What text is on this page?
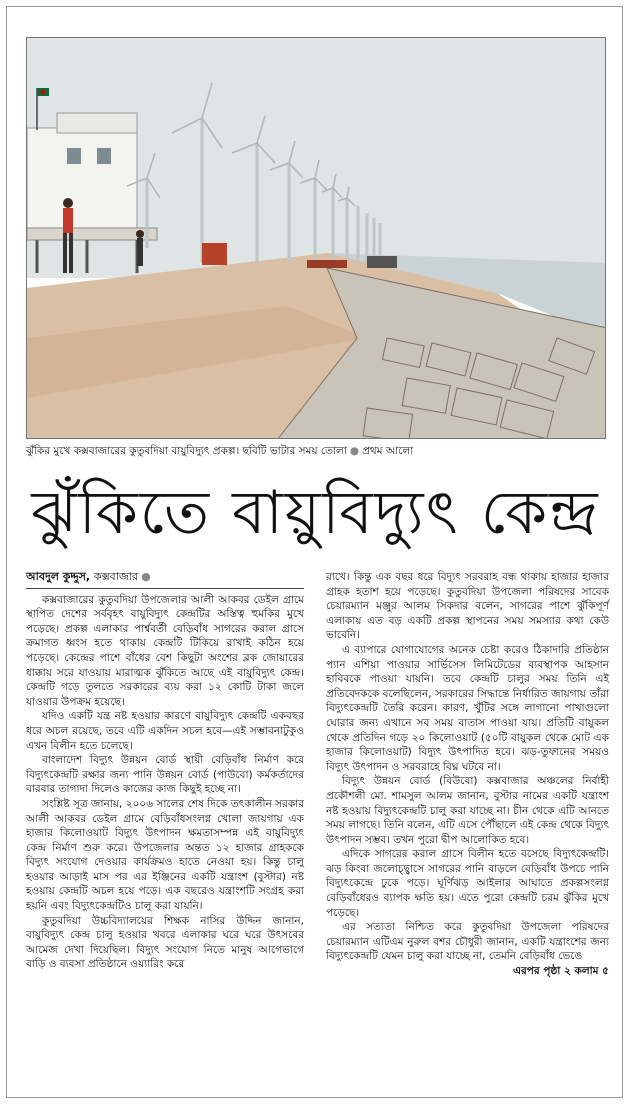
ঝুঁকির মুখে কক্সবাজারের কুতুবদিয়া বায়ুবিদ্যুৎ প্রকল্প। ছবিটি ভাটার সময় তোলা ● প্রথম আলো
ঝুঁকিতে বায়ুবিদ্যুৎ কেন্দ্র
আবদুল কুদ্দুস, কক্সবাজার ●

কক্সবাজারের কুতুবদিয়া উপজেলার আলী আকবর ডেইল গ্রামে স্থাপিত দেশের সর্ববৃহৎ বায়ুবিদ্যুৎ কেন্দ্রটির অস্তিত্ব হুমকির মুখে পড়েছে। প্রকল্প এলাকার পার্শ্ববর্তী বেড়িবাঁধ সাগরের করাল গ্রাসে ক্রমাগত ধ্বংস হতে থাকায় কেন্দ্রটি টিকিয়ে রাখাই কঠিন হয়ে পড়েছে। কেন্দ্রের পাশে বাঁধের বেশ কিছুটা অংশের ব্লক জোয়ারের ধাক্কায় সরে যাওয়ায় মারাত্মক ঝুঁকিতে আছে এই বায়ুবিদ্যুৎ কেন্দ্র। কেন্দ্রটি গড়ে তুলতে সরকারের ব্যয় করা ১২ কোটি টাকা জলে যাওয়ার উপক্রম হয়েছে।

যদিও একটি যন্ত্র নষ্ট হওয়ার কারণে বায়ুবিদ্যুৎ কেন্দ্রটি একবছর ধরে অচল রয়েছে, তবে এটি একদিন সচল হবে—এই সম্ভাবনাটুকুও এখন বিলীন হতে চলেছে।

বাংলাদেশ বিদ্যুৎ উন্নয়ন বোর্ড স্থায়ী বেড়িবাঁধ নির্মাণ করে বিদ্যুৎকেন্দ্রটি রক্ষার জন্য পানি উন্নয়ন বোর্ড (পাউবো) কর্মকর্তাদের বারবার তাগাদা দিলেও কাজের কাজ কিছুই হচ্ছে না।

সংশ্লিষ্ট সূত্র জানায়, ২০০৬ সালের শেষ দিকে তৎকালীন সরকার আলী আকবর ডেইল গ্রামে বেড়িবাঁধসংলগ্ন খোলা জায়গায় এক হাজার কিলোওয়াট বিদ্যুৎ উৎপাদন ক্ষমতাসম্পন্ন এই বায়ুবিদ্যুৎ কেন্দ্র নির্মাণ শুরু করে। উপজেলার অন্তত ১২ হাজার গ্রাহককে বিদ্যুৎ সংযোগ দেওয়ার কার্যক্রমও হাতে নেওয়া হয়। কিন্তু চালু হওয়ার আড়াই মাস পর এর ইঞ্জিনের একটি যন্ত্রাংশ (বুস্টার) নষ্ট হওয়ায় কেন্দ্রটি অচল হয়ে পড়ে। এক বছরেও যন্ত্রাংশটি সংগ্রহ করা হয়নি এবং বিদ্যুৎকেন্দ্রটিও চালু করা যায়নি।

কুতুবদিয়া উচ্চবিদ্যালয়ের শিক্ষক নাসির উদ্দিন জানান, বায়ুবিদ্যুৎ কেন্দ্র চালু হওয়ার খবরে এলাকার ঘরে ঘরে উৎসবের আমেজ দেখা দিয়েছিল। বিদ্যুৎ সংযোগ নিতে মানুষ আগেভাগে বাড়ি ও ব্যবসা প্রতিষ্ঠানে ওয়্যারিং করে

রাখে। কিন্তু এক বছর ধরে বিদ্যুৎ সরবরাহ বন্ধ থাকায় হাজার হাজার গ্রাহক হতাশ হয়ে পড়েছে। কুতুবদিয়া উপজেলা পরিষদের সাবেক চেয়ারম্যান মঞ্জুর আলম সিকদার বলেন, সাগরের পাশে ঝুঁকিপূর্ণ এলাকায় এত বড় একটি প্রকল্প স্থাপনের সময় সমস্যার কথা কেউ ভাবেনি।

এ ব্যাপারে যোগাযোগের অনেক চেষ্টা করেও ঠিকাদারি প্রতিষ্ঠান প্যান এশিয়া পাওয়ার সার্ভিসেস লিমিটেডের ব্যবস্থাপক আহসান হাবিবকে পাওয়া যায়নি। তবে কেন্দ্রটি চালুর সময় তিনি এই প্রতিবেদককে বলেছিলেন, সরকারের সিদ্ধান্তে নির্ধারিত জায়গায় তাঁরা বিদ্যুৎকেন্দ্রটি তৈরি করেন। কারণ, খুঁটির সঙ্গে লাগানো পাখাগুলো ঘোরার জন্য এখানে সব সময় বাতাস পাওয়া যায়। প্রতিটি বায়ুকল থেকে প্রতিদিন গড়ে ২০ কিলোওয়াট (৫০টি বায়ুকল থেকে মোট এক হাজার কিলোওয়াট) বিদ্যুৎ উৎপাদিত হবে। ঝড়-তুফানের সময়ও বিদ্যুৎ উৎপাদন ও সরবরাহে বিঘ্ন ঘটবে না।

বিদ্যুৎ উন্নয়ন বোর্ড (বিউবো) কক্সবাজার অঞ্চলের নির্বাহী প্রকৌশলী মো. শামসুল আলম জানান, বুস্টার নামের একটি যন্ত্রাংশ নষ্ট হওয়ায় বিদ্যুৎকেন্দ্রটি চালু করা যাচ্ছে না। চীন থেকে এটি আনতে সময় লাগছে। তিনি বলেন, এটি এসে পৌঁছালে এই কেন্দ্র থেকে বিদ্যুৎ উৎপাদন সম্ভব। তখন পুরো দ্বীপ আলোকিত হবে।

এদিকে সাগরের করাল গ্রাসে বিলীন হতে বসেছে বিদ্যুৎকেন্দ্রটি। ঝড় কিংবা জলোচ্ছ্বাসে সাগরের পানি বাড়লে বেড়িবাঁধ উপচে পানি বিদ্যুৎকেন্দ্রে ঢুকে পড়ে। ঘূর্ণিঝড় আইলার আঘাতে প্রকল্পসংলগ্ন বেড়িবাঁধেরও ব্যাপক ক্ষতি হয়। এতে পুরো কেন্দ্রটি চরম ঝুঁকির মুখে পড়েছে।

এর সত্যতা নিশ্চিত করে কুতুবদিয়া উপজেলা পরিষদের চেয়ারম্যান এটিএম নুরুল বশর চৌধুরী জানান, একটি যন্ত্রাংশের জন্য বিদ্যুৎকেন্দ্রটি যেমন চালু করা যাচ্ছে না, তেমনি বেড়িবাঁধ ভেঙে

এরপর পৃষ্ঠা ২ কলাম ৫
